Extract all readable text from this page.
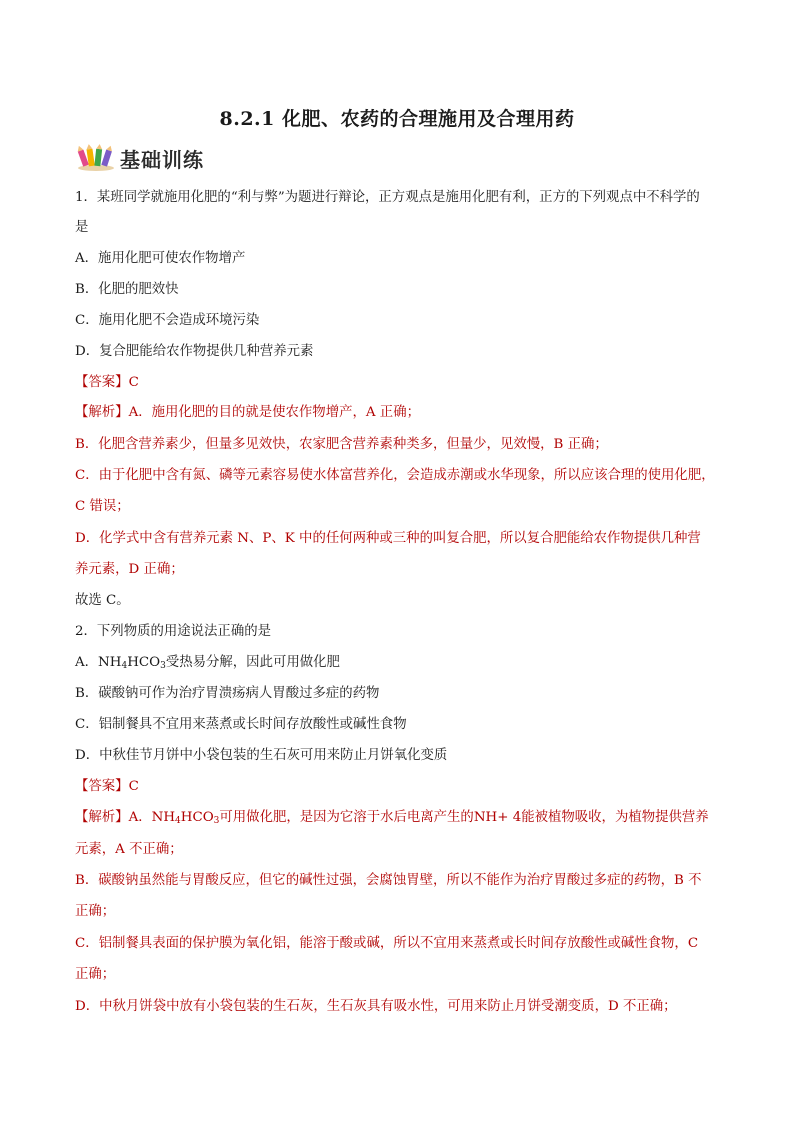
8.2.1 化肥、农药的合理施用及合理用药
基础训练
1．某班同学就施用化肥的“利与弊”为题进行辩论，正方观点是施用化肥有利，正方的下列观点中不科学的
是
A．施用化肥可使农作物增产
B．化肥的肥效快
C．施用化肥不会造成环境污染
D．复合肥能给农作物提供几种营养元素
【答案】C
【解析】A．施用化肥的目的就是使农作物增产，A 正确；
B．化肥含营养素少，但量多见效快，农家肥含营养素种类多，但量少，见效慢，B 正确；
C．由于化肥中含有氮、磷等元素容易使水体富营养化，会造成赤潮或水华现象，所以应该合理的使用化肥，
C 错误；
D．化学式中含有营养元素 N、P、K 中的任何两种或三种的叫复合肥，所以复合肥能给农作物提供几种营
养元素，D 正确；
故选 C。
2．下列物质的用途说法正确的是
A．$NH_4HCO_3$受热易分解，因此可用做化肥
B．碳酸钠可作为治疗胃溃疡病人胃酸过多症的药物
C．铝制餐具不宜用来蒸煮或长时间存放酸性或碱性食物
D．中秋佳节月饼中小袋包装的生石灰可用来防止月饼氧化变质
【答案】C
【解析】A．$NH_4HCO_3$可用做化肥，是因为它溶于水后电离产生的NH+ 4能被植物吸收，为植物提供营养
元素，A 不正确；
B．碳酸钠虽然能与胃酸反应，但它的碱性过强，会腐蚀胃壁，所以不能作为治疗胃酸过多症的药物，B 不
正确；
C．铝制餐具表面的保护膜为氧化铝，能溶于酸或碱，所以不宜用来蒸煮或长时间存放酸性或碱性食物，C
正确；
D．中秋月饼袋中放有小袋包装的生石灰，生石灰具有吸水性，可用来防止月饼受潮变质，D 不正确；
